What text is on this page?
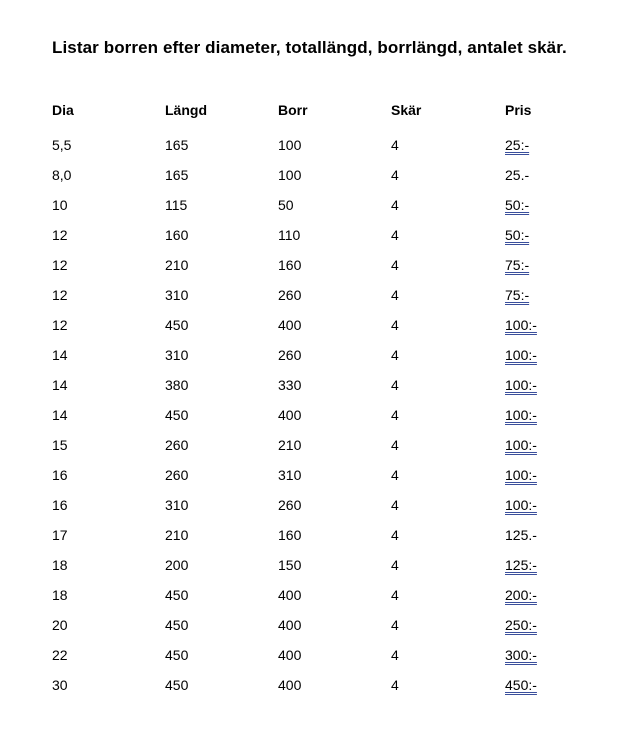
Listar borren efter diameter, totallängd, borrlängd, antalet skär.
Dia	Längd	Borr	Skär	Pris
5,5	165	100	4	25:-
8,0	165	100	4	25.-
10	115	50	4	50:-
12	160	110	4	50:-
12	210	160	4	75:-
12	310	260	4	75:-
12	450	400	4	100:-
14	310	260	4	100:-
14	380	330	4	100:-
14	450	400	4	100:-
15	260	210	4	100:-
16	260	310	4	100:-
16	310	260	4	100:-
17	210	160	4	125.-
18	200	150	4	125:-
18	450	400	4	200:-
20	450	400	4	250:-
22	450	400	4	300:-
30	450	400	4	450:-
